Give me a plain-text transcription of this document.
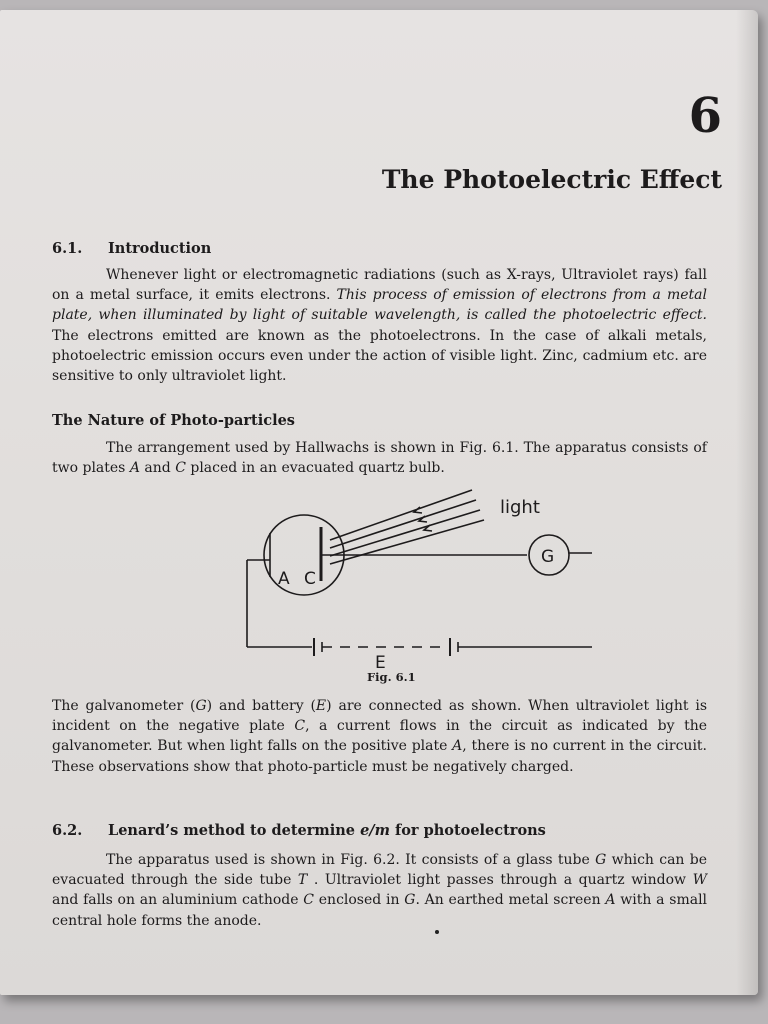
6
The Photoelectric Effect
6.1. Introduction

Whenever light or electromagnetic radiations (such as X-rays, Ultraviolet rays) fall on a metal surface, it emits electrons. This process of emission of electrons from a metal plate, when illuminated by light of suitable wavelength, is called the photoelectric effect. The electrons emitted are known as the photoelectrons. In the case of alkali metals, photoelectric emission occurs even under the action of visible light. Zinc, cadmium etc. are sensitive to only ultraviolet light.

The Nature of Photo-particles

The arrangement used by Hallwachs is shown in Fig. 6.1. The apparatus consists of two plates A and C placed in an evacuated quartz bulb.

light
G
A C
E

Fig. 6.1

The galvanometer (G) and battery (E) are connected as shown. When ultraviolet light is incident on the negative plate C, a current flows in the circuit as indicated by the galvanometer. But when light falls on the positive plate A, there is no current in the circuit. These observations show that photo-particle must be negatively charged.

6.2. Lenard’s method to determine e/m for photoelectrons

The apparatus used is shown in Fig. 6.2. It consists of a glass tube G which can be evacuated through the side tube T . Ultraviolet light passes through a quartz window W and falls on an aluminium cathode C enclosed in G. An earthed metal screen A with a small central hole forms the anode.
